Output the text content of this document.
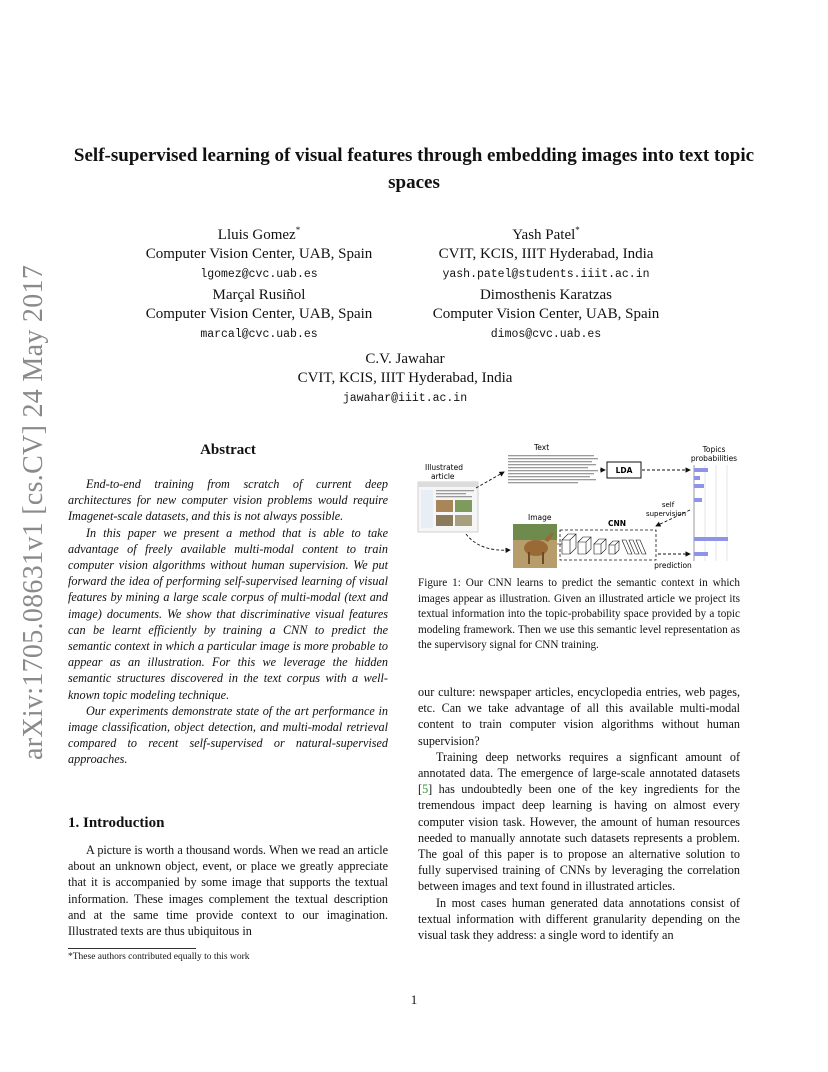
arXiv:1705.08631v1 [cs.CV] 24 May 2017
Self-supervised learning of visual features through embedding images into text topic spaces
Lluis Gomez*
Computer Vision Center, UAB, Spain
lgomez@cvc.uab.es
Yash Patel*
CVIT, KCIS, IIIT Hyderabad, India
yash.patel@students.iiit.ac.in
Marçal Rusiñol
Computer Vision Center, UAB, Spain
marcal@cvc.uab.es
Dimosthenis Karatzas
Computer Vision Center, UAB, Spain
dimos@cvc.uab.es
C.V. Jawahar
CVIT, KCIS, IIIT Hyderabad, India
jawahar@iiit.ac.in
Abstract

End-to-end training from scratch of current deep architectures for new computer vision problems would require Imagenet-scale datasets, and this is not always possible.

In this paper we present a method that is able to take advantage of freely available multi-modal content to train computer vision algorithms without human supervision. We put forward the idea of performing self-supervised learning of visual features by mining a large scale corpus of multi-modal (text and image) documents. We show that discriminative visual features can be learnt efficiently by training a CNN to predict the semantic context in which a particular image is more probable to appear as an illustration. For this we leverage the hidden semantic structures discovered in the text corpus with a well-known topic modeling technique.

Our experiments demonstrate state of the art performance in image classification, object detection, and multi-modal retrieval compared to recent self-supervised or natural-supervised approaches.

1. Introduction

A picture is worth a thousand words. When we read an article about an unknown object, event, or place we greatly appreciate that it is accompanied by some image that supports the textual information. These images complement the textual description and at the same time provide context to our imagination. Illustrated texts are thus ubiquitous in

*These authors contributed equally to this work
Text
Illustrated
article
LDA
Topics
probabilities
self
supervision
Image
CNN
prediction
Figure 1: Our CNN learns to predict the semantic context in which images appear as illustration. Given an illustrated article we project its textual information into the topic-probability space provided by a topic modeling framework. Then we use this semantic level representation as the supervisory signal for CNN training.

our culture: newspaper articles, encyclopedia entries, web pages, etc. Can we take advantage of all this available multi-modal content to train computer vision algorithms without human supervision?

Training deep networks requires a signficant amount of annotated data. The emergence of large-scale annotated datasets [5] has undoubtedly been one of the key ingredients for the tremendous impact deep learning is having on almost every computer vision task. However, the amount of human resources needed to manually annotate such datasets represents a problem. The goal of this paper is to propose an alternative solution to fully supervised training of CNNs by leveraging the correlation between images and text found in illustrated articles.

In most cases human generated data annotations consist of textual information with different granularity depending on the visual task they address: a single word to identify an

1
